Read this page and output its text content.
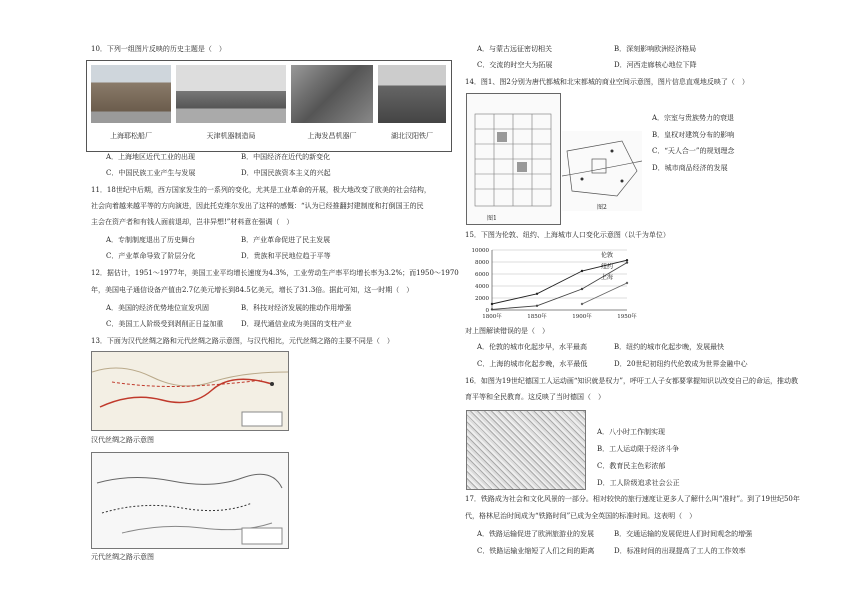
10．下列一组图片反映的历史主题是（　）
上海耶松船厂	天津机器制造局	上海发昌机器厂	湖北汉阳铁厂
A．上海地区近代工业的出现	B．中国经济在近代的新变化
C．中国民族工业产生与发展	D．中国民族资本主义的兴起
11．18世纪中后期，西方国家发生的一系列的变化，尤其是工业革命的开展，极大地改变了欧美的社会结构，
社会向着越来越平等的方向演进，因此托克维尔发出了这样的感慨：“认为已经推翻封建制度和打倒国王的民
主会在资产者和有钱人面前退却，岂非异想!”材料意在强调（　）
A．专制制度退出了历史舞台	B．产业革命促进了民主发展
C．产业革命导致了阶层分化	D．贵族和平民地位趋于平等
12．据估计，1951～1977年，美国工业平均增长速度为4.3%，工业劳动生产率平均增长率为3.2%；而1950～1970
年，美国电子通信设备产值由2.7亿美元增长到84.5亿美元，增长了31.3倍。据此可知，这一时期（　）
A．美国的经济优势地位宣发巩固	B．科技对经济发展的推动作用增强
C．美国工人阶级受到剥削正日益加重	D．现代通信业成为美国的支柱产业
13．下面为汉代丝绸之路和元代丝绸之路示意图，与汉代相比，元代丝绸之路的主要不同是（　）
汉代丝绸之路示意图
元代丝绸之路示意图
A．与蒙古远征密切相关	B．深刻影响欧洲经济格局
C．交流的时空大为拓展	D．河西走廊核心地位下降
14．图1、图2分别为唐代都城和北宋都城的商业空间示意图，图片信息直观地反映了（　）
图1
图2
A．宗室与贵族势力的衰退
B．皇权对建筑分布的影响
C．“天人合一”的规划理念
D．城市商品经济的发展
15．下图为伦敦、纽约、上海城市人口变化示意图（以千为单位）
0
2000
4000
6000
8000
10000
1800年	1850年	1900年	1950年
伦敦
纽约
上海
对上图解读错误的是（　）
A．伦敦的城市化起步早，水平最高	B．纽约的城市化起步晚，发展最快
C．上海的城市化起步晚，水平最低	D．20世纪初纽约代伦敦成为世界金融中心
16．如图为19世纪德国工人运动画“知识就是权力”，呼吁工人子女都要掌握知识以改变自己的命运，推动教
育平等和全民教育。这反映了当时德国（　）
A．八小时工作制实现
B．工人运动限于经济斗争
C．教育民主色彩浓郁
D．工人阶级追求社会公正
17．铁路成为社会和文化风景的一部分。相对较快的旅行速度让更多人了解什么叫“准时”。到了19世纪50年
代，格林尼治时间成为“铁路时间”已成为全英国的标准时间。这表明（　）
A．铁路运输促进了欧洲旅游业的发展	B．交通运输的发展促进人们时间观念的增强
C．铁路运输业缩短了人们之间的距离	D．标准时间的出现提高了工人的工作效率
